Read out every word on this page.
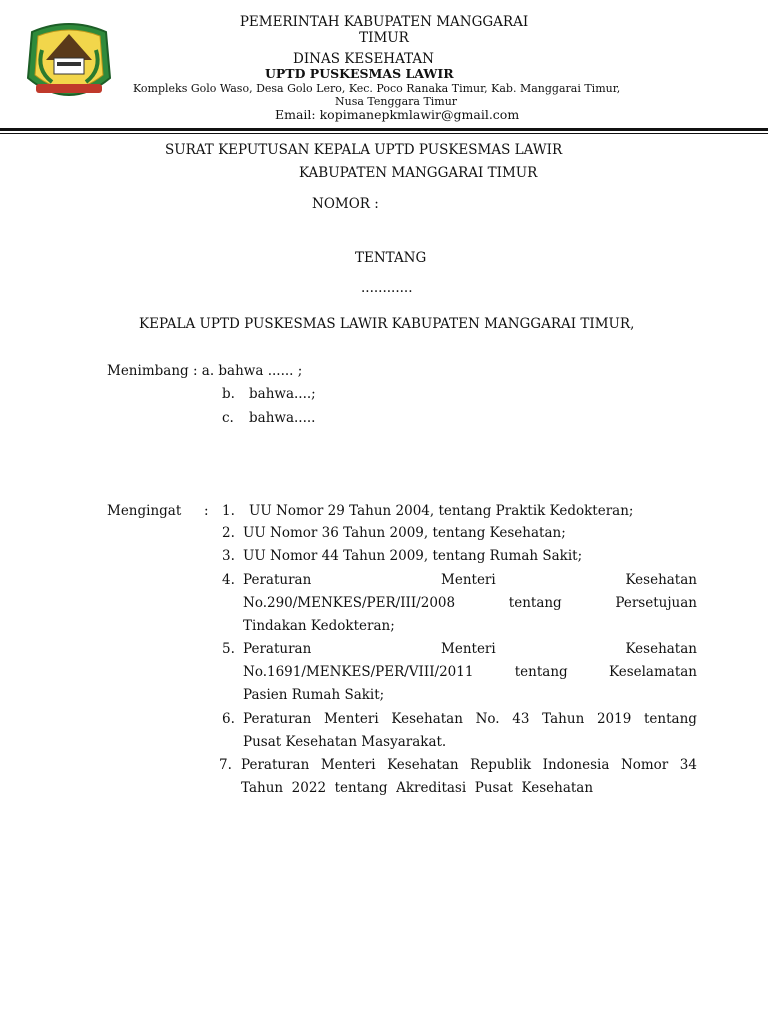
PEMERINTAH KABUPATEN MANGGARAI
TIMUR
DINAS KESEHATAN
UPTD PUSKESMAS LAWIR
Kompleks Golo Waso, Desa Golo Lero, Kec. Poco Ranaka Timur, Kab. Manggarai Timur,
Nusa Tenggara Timur
Email: kopimanepkmlawir@gmail.com
SURAT KEPUTUSAN KEPALA UPTD PUSKESMAS LAWIR
KABUPATEN MANGGARAI TIMUR
NOMOR :
TENTANG
............
KEPALA UPTD PUSKESMAS LAWIR KABUPATEN MANGGARAI TIMUR,
Menimbang : a. bahwa ...... ;
b. bahwa....;
c. bahwa.....
Mengingat : 1. UU Nomor 29 Tahun 2004, tentang Praktik Kedokteran;
2. UU Nomor 36 Tahun 2009, tentang Kesehatan;
3. UU Nomor 44 Tahun 2009, tentang Rumah Sakit;
4. Peraturan	Menteri	Kesehatan
No.290/MENKES/PER/III/2008	tentang	Persetujuan
Tindakan Kedokteran;
5. Peraturan	Menteri	Kesehatan
No.1691/MENKES/PER/VIII/2011	tentang	Keselamatan
Pasien Rumah Sakit;
6. Peraturan Menteri Kesehatan No. 43 Tahun 2019 tentang
Pusat Kesehatan Masyarakat.
7. Peraturan Menteri Kesehatan Republik Indonesia Nomor 34
Tahun  2022  tentang  Akreditasi  Pusat  Kesehatan
